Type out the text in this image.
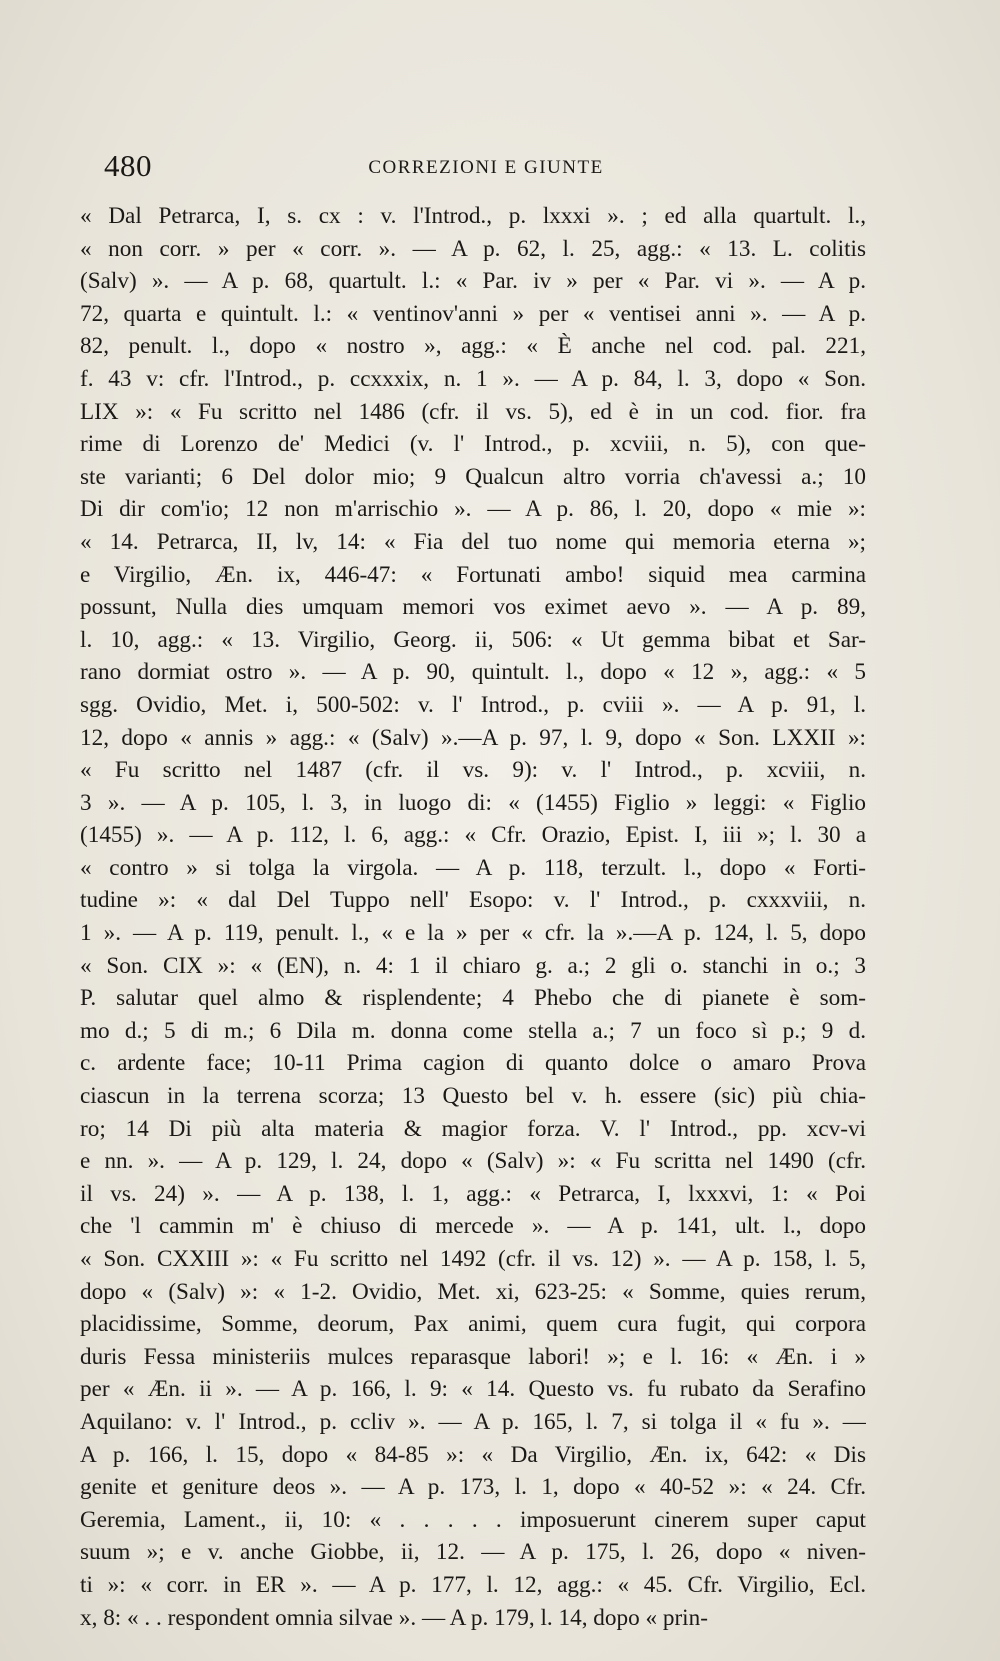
480	CORREZIONI E GIUNTE
« Dal Petrarca, I, s. cx : v. l'Introd., p. lxxxi ». ; ed alla quartult. l.,
« non corr. » per « corr. ». — A p. 62, l. 25, agg.: « 13. L. colitis
(Salv) ». — A p. 68, quartult. l.: « Par. iv » per « Par. vi ». — A p.
72, quarta e quintult. l.: « ventinov'anni » per « ventisei anni ». — A p.
82, penult. l., dopo « nostro », agg.: « È anche nel cod. pal. 221,
f. 43 v: cfr. l'Introd., p. ccxxxix, n. 1 ». — A p. 84, l. 3, dopo « Son.
LIX »: « Fu scritto nel 1486 (cfr. il vs. 5), ed è in un cod. fior. fra
rime di Lorenzo de' Medici (v. l' Introd., p. xcviii, n. 5), con que-
ste varianti; 6 Del dolor mio; 9 Qualcun altro vorria ch'avessi a.; 10
Di dir com'io; 12 non m'arrischio ». — A p. 86, l. 20, dopo « mie »:
« 14. Petrarca, II, lv, 14: « Fia del tuo nome qui memoria eterna »;
e Virgilio, Æn. ix, 446-47: « Fortunati ambo! siquid mea carmina
possunt, Nulla dies umquam memori vos eximet aevo ». — A p. 89,
l. 10, agg.: « 13. Virgilio, Georg. ii, 506: « Ut gemma bibat et Sar-
rano dormiat ostro ». — A p. 90, quintult. l., dopo « 12 », agg.: « 5
sgg. Ovidio, Met. i, 500-502: v. l' Introd., p. cviii ». — A p. 91, l.
12, dopo « annis » agg.: « (Salv) ».—A p. 97, l. 9, dopo « Son. LXXII »:
« Fu scritto nel 1487 (cfr. il vs. 9): v. l' Introd., p. xcviii, n.
3 ». — A p. 105, l. 3, in luogo di: « (1455) Figlio » leggi: « Figlio
(1455) ». — A p. 112, l. 6, agg.: « Cfr. Orazio, Epist. I, iii »; l. 30 a
« contro » si tolga la virgola. — A p. 118, terzult. l., dopo « Forti-
tudine »: « dal Del Tuppo nell' Esopo: v. l' Introd., p. cxxxviii, n.
1 ». — A p. 119, penult. l., « e la » per « cfr. la ».—A p. 124, l. 5, dopo
« Son. CIX »: « (EN), n. 4: 1 il chiaro g. a.; 2 gli o. stanchi in o.; 3
P. salutar quel almo & risplendente; 4 Phebo che di pianete è som-
mo d.; 5 di m.; 6 Dila m. donna come stella a.; 7 un foco sì p.; 9 d.
c. ardente face; 10-11 Prima cagion di quanto dolce o amaro Prova
ciascun in la terrena scorza; 13 Questo bel v. h. essere (sic) più chia-
ro; 14 Di più alta materia & magior forza. V. l' Introd., pp. xcv-vi
e nn. ». — A p. 129, l. 24, dopo « (Salv) »: « Fu scritta nel 1490 (cfr.
il vs. 24) ». — A p. 138, l. 1, agg.: « Petrarca, I, lxxxvi, 1: « Poi
che 'l cammin m' è chiuso di mercede ». — A p. 141, ult. l., dopo
« Son. CXXIII »: « Fu scritto nel 1492 (cfr. il vs. 12) ». — A p. 158, l. 5,
dopo « (Salv) »: « 1-2. Ovidio, Met. xi, 623-25: « Somme, quies rerum,
placidissime, Somme, deorum, Pax animi, quem cura fugit, qui corpora
duris Fessa ministeriis mulces reparasque labori! »; e l. 16: « Æn. i »
per « Æn. ii ». — A p. 166, l. 9: « 14. Questo vs. fu rubato da Serafino
Aquilano: v. l' Introd., p. ccliv ». — A p. 165, l. 7, si tolga il « fu ». —
A p. 166, l. 15, dopo « 84-85 »: « Da Virgilio, Æn. ix, 642: « Dis
genite et geniture deos ». — A p. 173, l. 1, dopo « 40-52 »: « 24. Cfr.
Geremia, Lament., ii, 10: « . . . . . imposuerunt cinerem super caput
suum »; e v. anche Giobbe, ii, 12. — A p. 175, l. 26, dopo « niven-
ti »: « corr. in ER ». — A p. 177, l. 12, agg.: « 45. Cfr. Virgilio, Ecl.
x, 8: « . . respondent omnia silvae ». — A p. 179, l. 14, dopo « prin-
